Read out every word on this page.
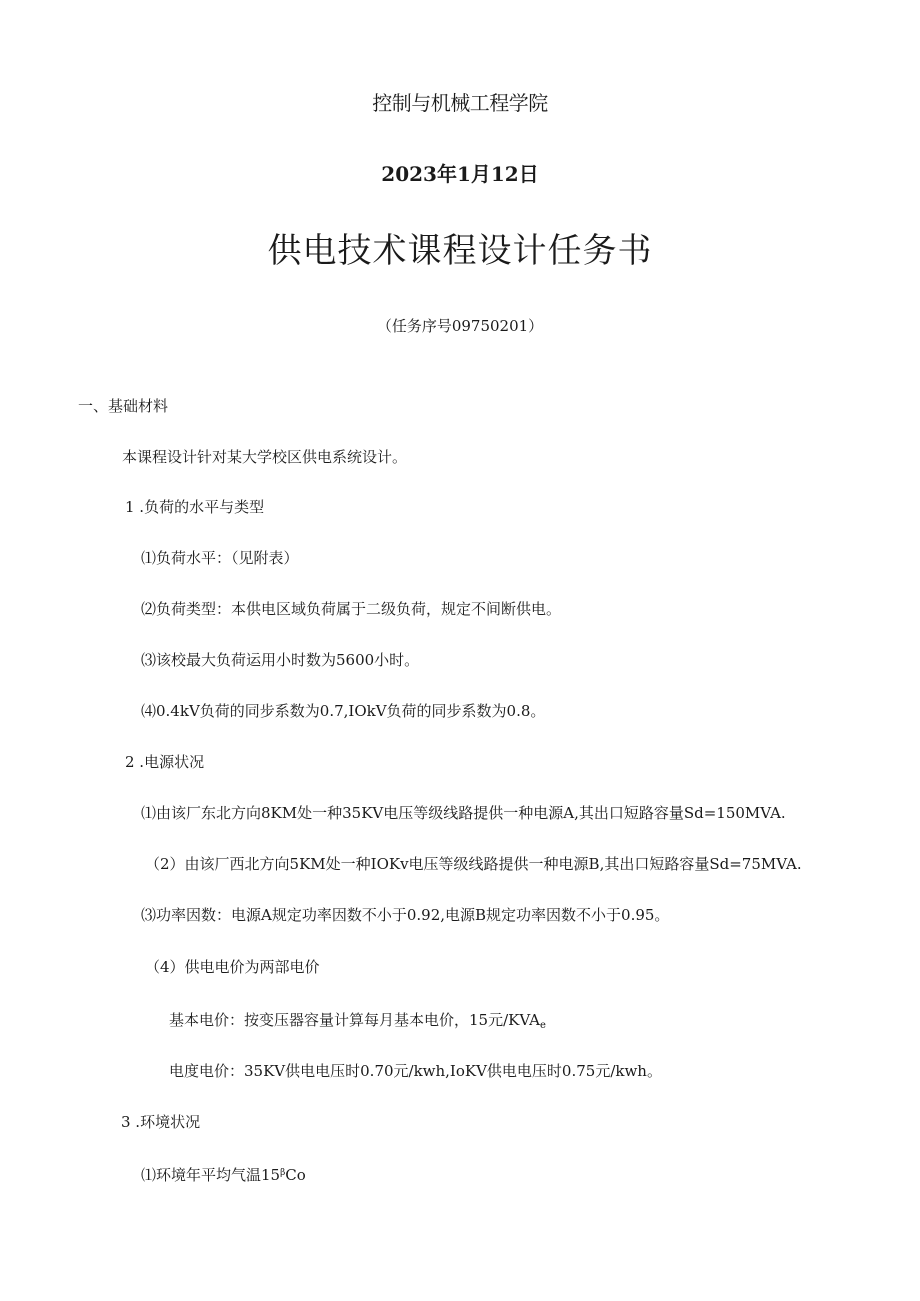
控制与机械工程学院
2023年1月12日
供电技术课程设计任务书
（任务序号09750201）
一、基础材料
本课程设计针对某大学校区供电系统设计。
1 .负荷的水平与类型
⑴负荷水平：（见附表）
⑵负荷类型：本供电区域负荷属于二级负荷，规定不间断供电。
⑶该校最大负荷运用小时数为5600小时。
⑷0.4kV负荷的同步系数为0.7,IOkV负荷的同步系数为0.8。
2 .电源状况
⑴由该厂东北方向8KM处一种35KV电压等级线路提供一种电源A,其出口短路容量Sd=150MVA.
（2）由该厂西北方向5KM处一种IOKv电压等级线路提供一种电源B,其出口短路容量Sd=75MVA.
⑶功率因数：电源A规定功率因数不小于0.92,电源B规定功率因数不小于0.95。
（4）供电电价为两部电价
基本电价：按变压器容量计算每月基本电价，15元$/KVA_e$
电度电价：35KV供电电压时0.70元/kwh,IoKV供电电压时0.75元/kwh。
3 .环境状况
⑴环境年平均气温$15^\beta Co$
